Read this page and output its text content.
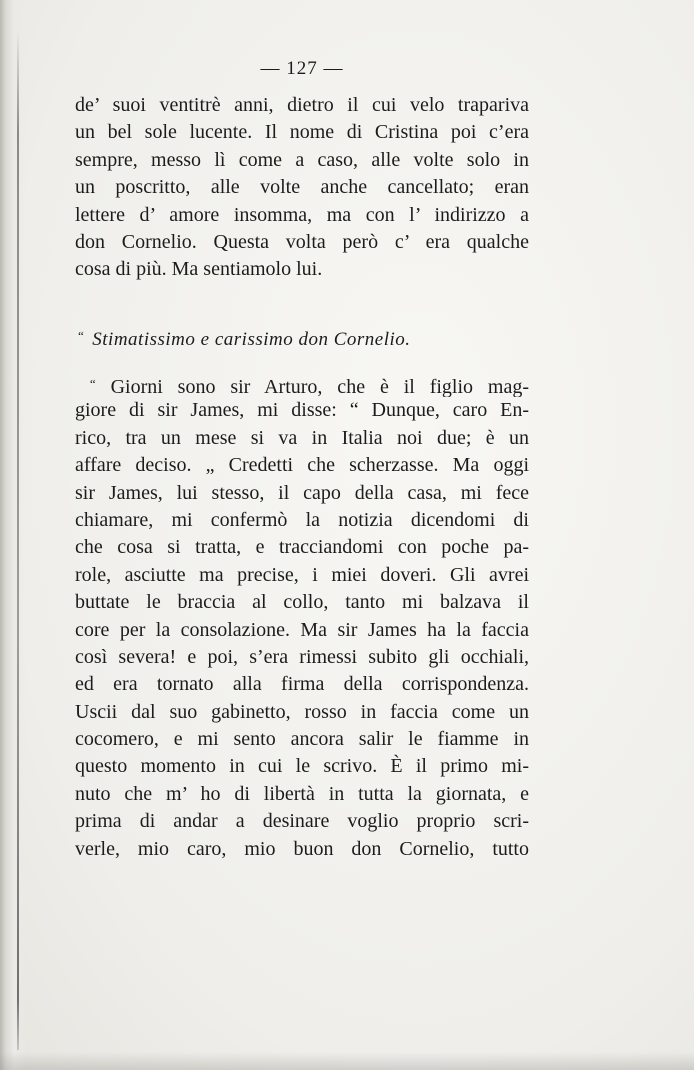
— 127 —
de’ suoi ventitrè anni, dietro il cui velo trapariva
un bel sole lucente. Il nome di Cristina poi c’era
sempre, messo lì come a caso, alle volte solo in
un poscritto, alle volte anche cancellato; eran
lettere d’ amore insomma, ma con l’ indirizzo a
don Cornelio. Questa volta però c’ era qualche
cosa di più. Ma sentiamolo lui.
“ Stimatissimo e carissimo don Cornelio.
“ Giorni sono sir Arturo, che è il figlio mag-
giore di sir James, mi disse: “ Dunque, caro En-
rico, tra un mese si va in Italia noi due; è un
affare deciso. „ Credetti che scherzasse. Ma oggi
sir James, lui stesso, il capo della casa, mi fece
chiamare, mi confermò la notizia dicendomi di
che cosa si tratta, e tracciandomi con poche pa-
role, asciutte ma precise, i miei doveri. Gli avrei
buttate le braccia al collo, tanto mi balzava il
core per la consolazione. Ma sir James ha la faccia
così severa! e poi, s’era rimessi subito gli occhiali,
ed era tornato alla firma della corrispondenza.
Uscii dal suo gabinetto, rosso in faccia come un
cocomero, e mi sento ancora salir le fiamme in
questo momento in cui le scrivo. È il primo mi-
nuto che m’ ho di libertà in tutta la giornata, e
prima di andar a desinare voglio proprio scri-
verle, mio caro, mio buon don Cornelio, tutto
